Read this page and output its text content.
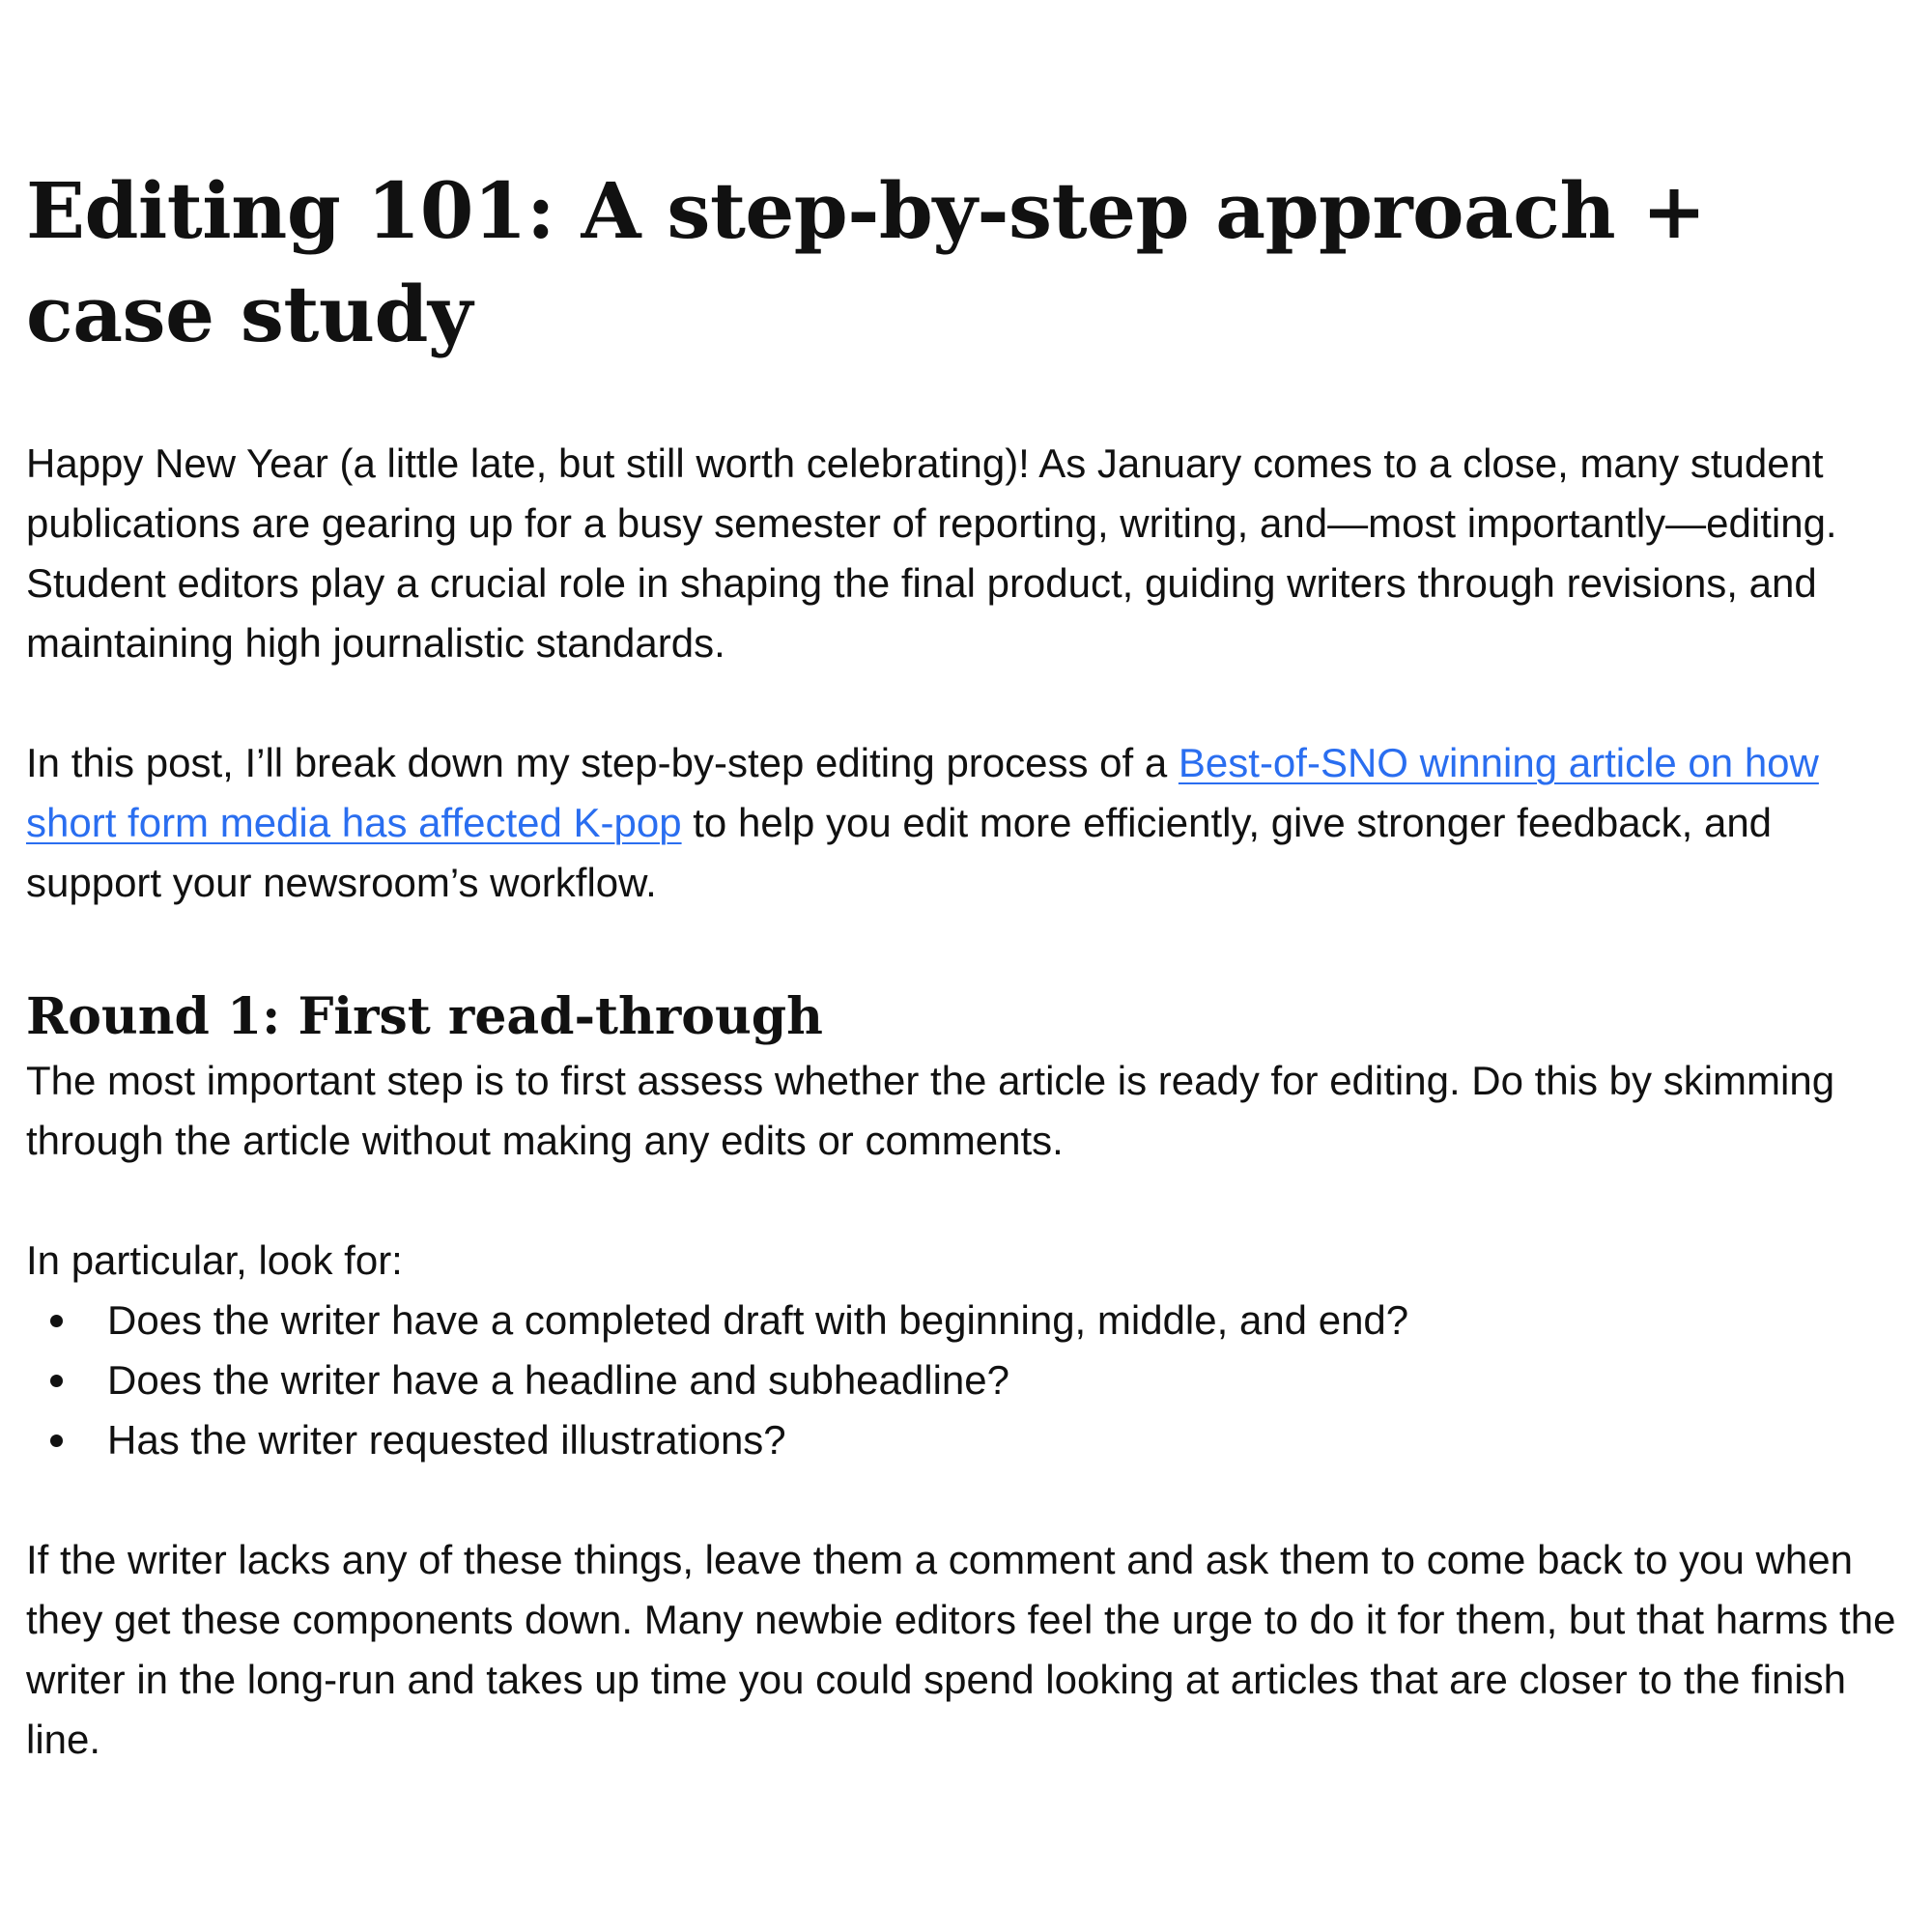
Editing 101: A step-by-step approach + case study

Happy New Year (a little late, but still worth celebrating)! As January comes to a close, many student publications are gearing up for a busy semester of reporting, writing, and—most importantly—editing. Student editors play a crucial role in shaping the final product, guiding writers through revisions, and maintaining high journalistic standards.

In this post, I’ll break down my step-by-step editing process of a Best-of-SNO winning article on how short form media has affected K-pop to help you edit more efficiently, give stronger feedback, and support your newsroom’s workflow.

Round 1: First read-through

The most important step is to first assess whether the article is ready for editing. Do this by skimming through the article without making any edits or comments.

In particular, look for:

Does the writer have a completed draft with beginning, middle, and end?
Does the writer have a headline and subheadline?
Has the writer requested illustrations?

If the writer lacks any of these things, leave them a comment and ask them to come back to you when they get these components down. Many newbie editors feel the urge to do it for them, but that harms the writer in the long-run and takes up time you could spend looking at articles that are closer to the finish line.
